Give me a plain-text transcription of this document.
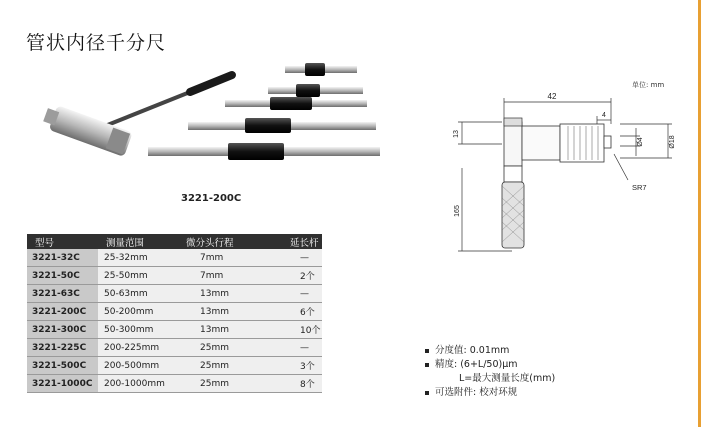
管状内径千分尺
3221-200C
单位: mm
42
4
13
165
Ø4	Ø18
SR7
型号	测量范围	微分头行程	延长杆
3221-32C	25-32mm	7mm	—
3221-50C	25-50mm	7mm	2个
3221-63C	50-63mm	13mm	—
3221-200C	50-200mm	13mm	6个
3221-300C	50-300mm	13mm	10个
3221-225C	200-225mm	25mm	—
3221-500C	200-500mm	25mm	3个
3221-1000C	200-1000mm	25mm	8个
分度值: 0.01mm
精度: (6+L/50)μm
L=最大测量长度(mm)
可选附件: 校对环规
